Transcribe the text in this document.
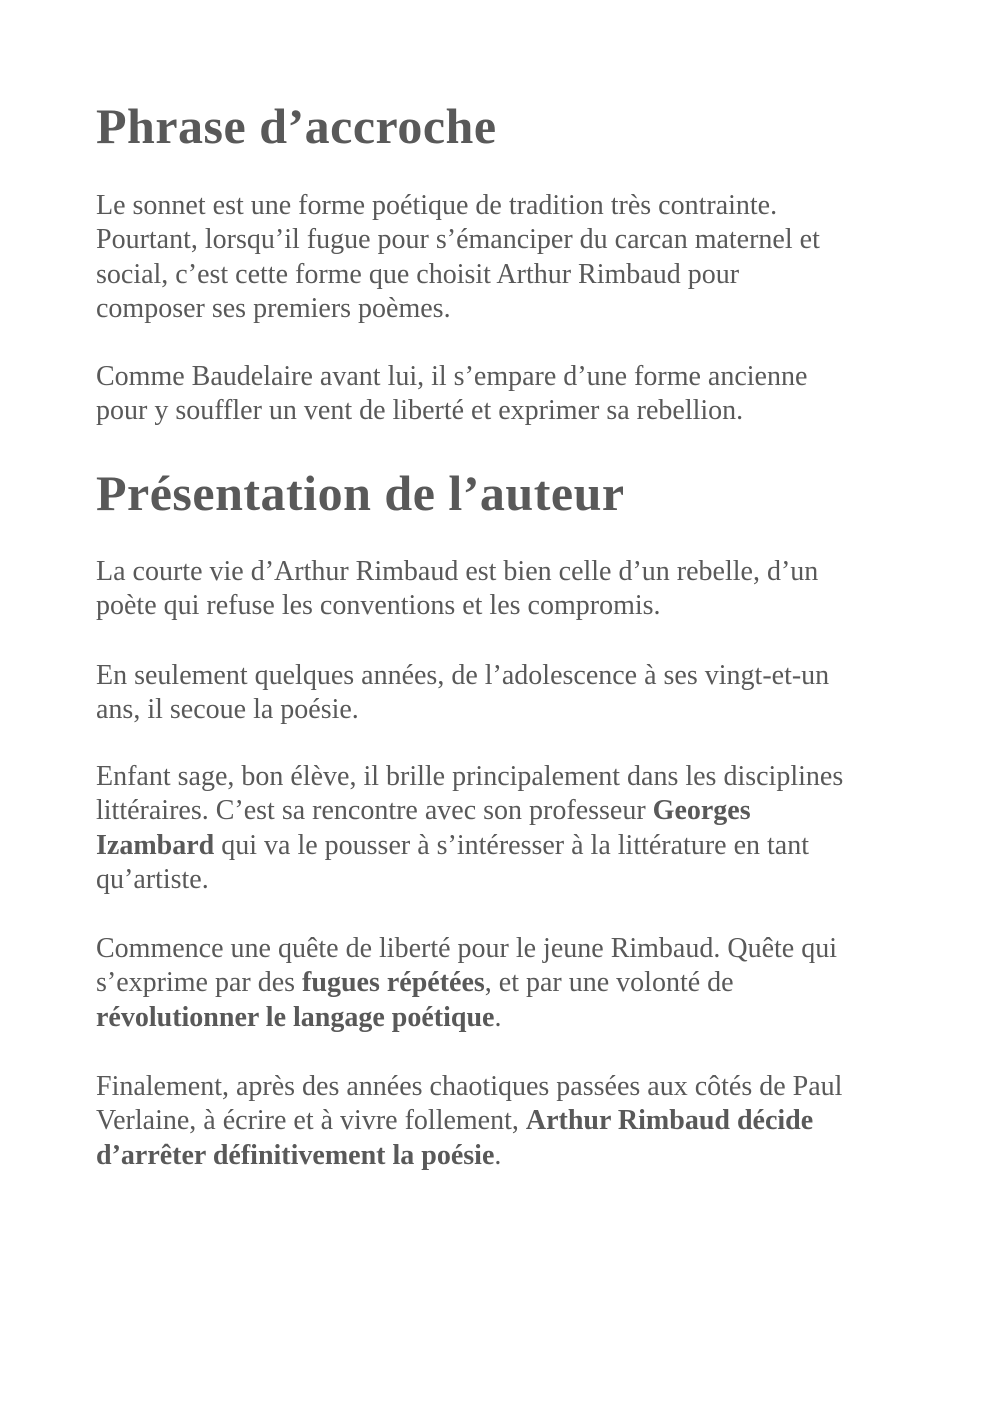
Phrase d’accroche
Le sonnet est une forme poétique de tradition très contrainte.
Pourtant, lorsqu’il fugue pour s’émanciper du carcan maternel et
social, c’est cette forme que choisit Arthur Rimbaud pour
composer ses premiers poèmes.
Comme Baudelaire avant lui, il s’empare d’une forme ancienne
pour y souffler un vent de liberté et exprimer sa rebellion.
Présentation de l’auteur
La courte vie d’Arthur Rimbaud est bien celle d’un rebelle, d’un
poète qui refuse les conventions et les compromis.
En seulement quelques années, de l’adolescence à ses vingt-et-un
ans, il secoue la poésie.
Enfant sage, bon élève, il brille principalement dans les disciplines
littéraires. C’est sa rencontre avec son professeur Georges
Izambard qui va le pousser à s’intéresser à la littérature en tant
qu’artiste.
Commence une quête de liberté pour le jeune Rimbaud. Quête qui
s’exprime par des fugues répétées, et par une volonté de
révolutionner le langage poétique.
Finalement, après des années chaotiques passées aux côtés de Paul
Verlaine, à écrire et à vivre follement, Arthur Rimbaud décide
d’arrêter définitivement la poésie.
